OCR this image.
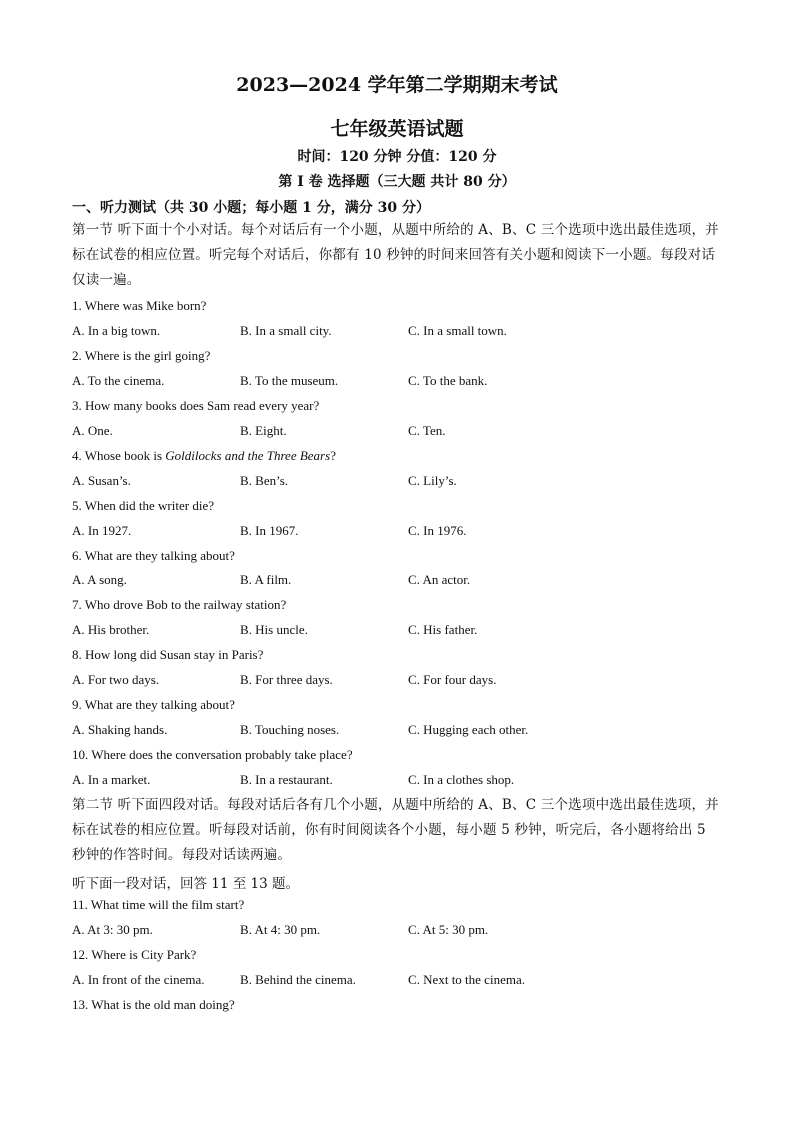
2023—2024 学年第二学期期末考试
七年级英语试题
时间：120 分钟 分值：120 分
第 I 卷 选择题（三大题 共计 80 分）
一、听力测试（共 30 小题；每小题 1 分，满分 30 分）
第一节 听下面十个小对话。每个对话后有一个小题，从题中所给的 A、B、C 三个选项中选出最佳选项，并标在试卷的相应位置。听完每个对话后，你都有 10 秒钟的时间来回答有关小题和阅读下一小题。每段对话仅读一遍。
1. Where was Mike born?
A. In a big town.	B. In a small city.	C. In a small town.
2. Where is the girl going?
A. To the cinema.	B. To the museum.	C. To the bank.
3. How many books does Sam read every year?
A. One.	B. Eight.	C. Ten.
4. Whose book is Goldilocks and the Three Bears?
A. Susan’s.	B. Ben’s.	C. Lily’s.
5. When did the writer die?
A. In 1927.	B. In 1967.	C. In 1976.
6. What are they talking about?
A. A song.	B. A film.	C. An actor.
7. Who drove Bob to the railway station?
A. His brother.	B. His uncle.	C. His father.
8. How long did Susan stay in Paris?
A. For two days.	B. For three days.	C. For four days.
9. What are they talking about?
A. Shaking hands.	B. Touching noses.	C. Hugging each other.
10. Where does the conversation probably take place?
A. In a market.	B. In a restaurant.	C. In a clothes shop.
第二节 听下面四段对话。每段对话后各有几个小题，从题中所给的 A、B、C 三个选项中选出最佳选项，并标在试卷的相应位置。听每段对话前，你有时间阅读各个小题，每小题 5 秒钟，听完后，各小题将给出 5 秒钟的作答时间。每段对话读两遍。
听下面一段对话，回答 11 至 13 题。
11. What time will the film start?
A. At 3: 30 pm.	B. At 4: 30 pm.	C. At 5: 30 pm.
12. Where is City Park?
A. In front of the cinema.	B. Behind the cinema.	C. Next to the cinema.
13. What is the old man doing?
